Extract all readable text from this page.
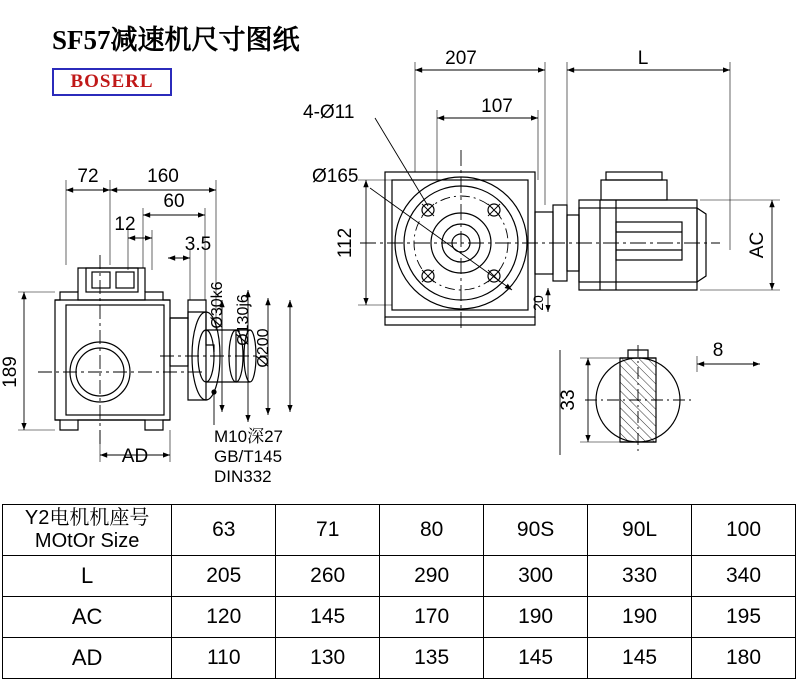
SF57减速机尺寸图纸
BOSERL
207	L
4-Ø11	107
Ø165
112
20
AC
8
33
72	160
60
12
3.5
189
AD
Ø30k6 Ø130j6
Ø200
M10深27
GB/T145
DIN332
Y2电机机座号
MOtOr Size	63	71	80	90S	90L	100
L	205	260	290	300	330	340
AC	120	145	170	190	190	195
AD	110	130	135	145	145	180
